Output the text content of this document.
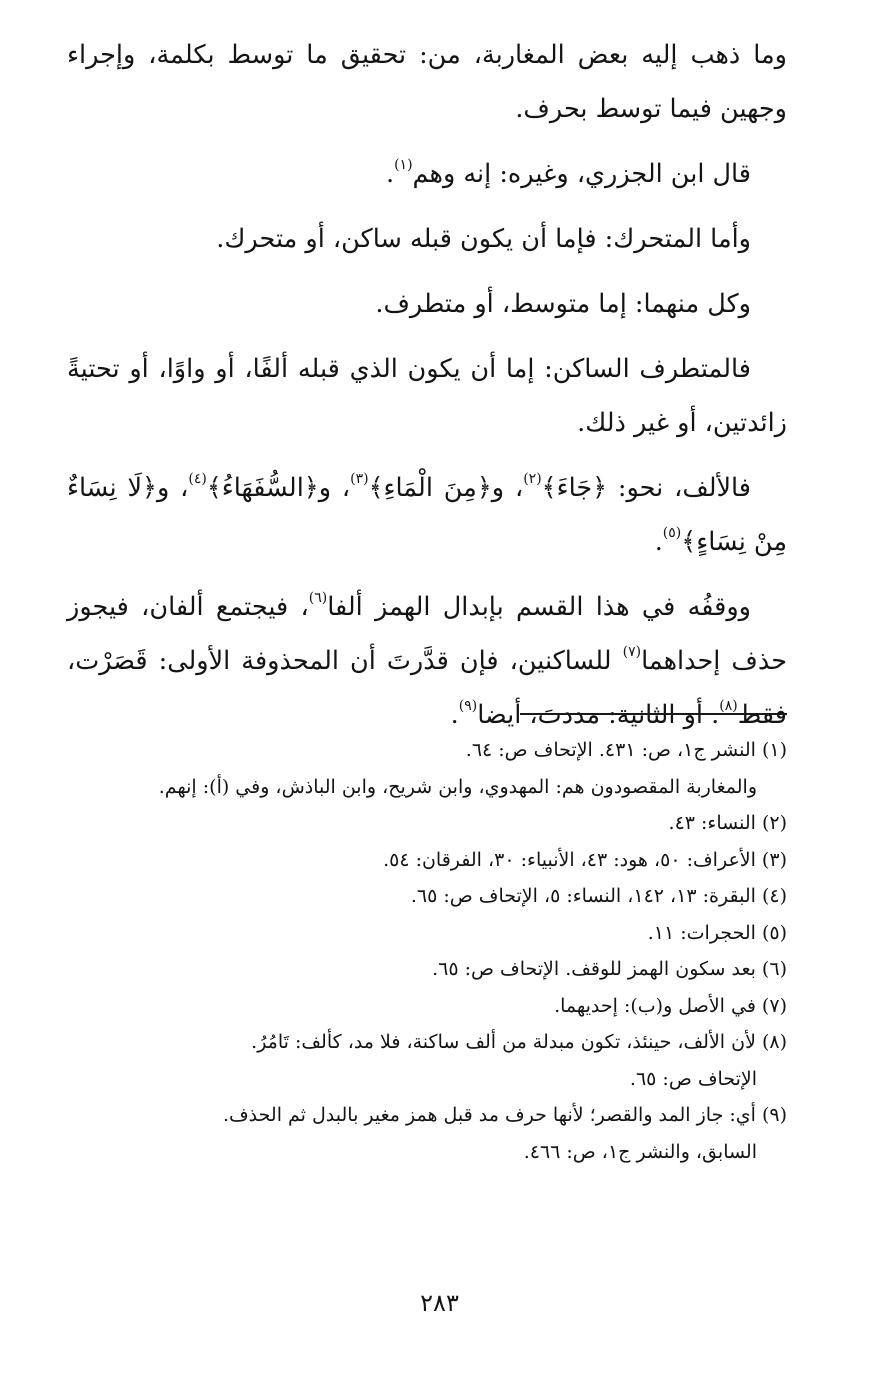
وما ذهب إليه بعض المغاربة، من: تحقيق ما توسط بكلمة، وإجراء وجهين فيما توسط بحرف.

قال ابن الجزري، وغيره: إنه وهم$^{(١)}$.

وأما المتحرك: فإما أن يكون قبله ساكن، أو متحرك.

وكل منهما: إما متوسط، أو متطرف.

فالمتطرف الساكن: إما أن يكون الذي قبله ألفًا، أو واوًا، أو تحتيةً زائدتين، أو غير ذلك.

فالألف، نحو: ﴿جَاءَ﴾$^{(٢)}$، و﴿مِنَ الْمَاءِ﴾$^{(٣)}$، و﴿السُّفَهَاءُ﴾$^{(٤)}$، و﴿لَا نِسَاءٌ مِنْ نِسَاءٍ﴾$^{(٥)}$.

ووقفُه في هذا القسم بإبدال الهمز ألفا$^{(٦)}$، فيجتمع ألفان، فيجوز حذف إحداهما$^{(٧)}$ للساكنين، فإن قدَّرتَ أن المحذوفة الأولى: قَصَرْت، فقط$^{(٨)}$. أو الثانية: مددتَ، أيضا$^{(٩)}$.

(١) النشر ج١، ص: ٤٣١. الإتحاف ص: ٦٤.

والمغاربة المقصودون هم: المهدوي، وابن شريح، وابن الباذش، وفي (أ): إنهم.

(٢) النساء: ٤٣.

(٣) الأعراف: ٥٠، هود: ٤٣، الأنبياء: ٣٠، الفرقان: ٥٤.

(٤) البقرة: ١٣، ١٤٢، النساء: ٥، الإتحاف ص: ٦٥.

(٥) الحجرات: ١١.

(٦) بعد سكون الهمز للوقف. الإتحاف ص: ٦٥.

(٧) في الأصل و(ب): إحديهما.

(٨) لأن الألف، حينئذ، تكون مبدلة من ألف ساكنة، فلا مد، كألف: تَامُرُ.

الإتحاف ص: ٦٥.

(٩) أي: جاز المد والقصر؛ لأنها حرف مد قبل همز مغير بالبدل ثم الحذف.

السابق، والنشر ج١، ص: ٤٦٦.

٢٨٣
